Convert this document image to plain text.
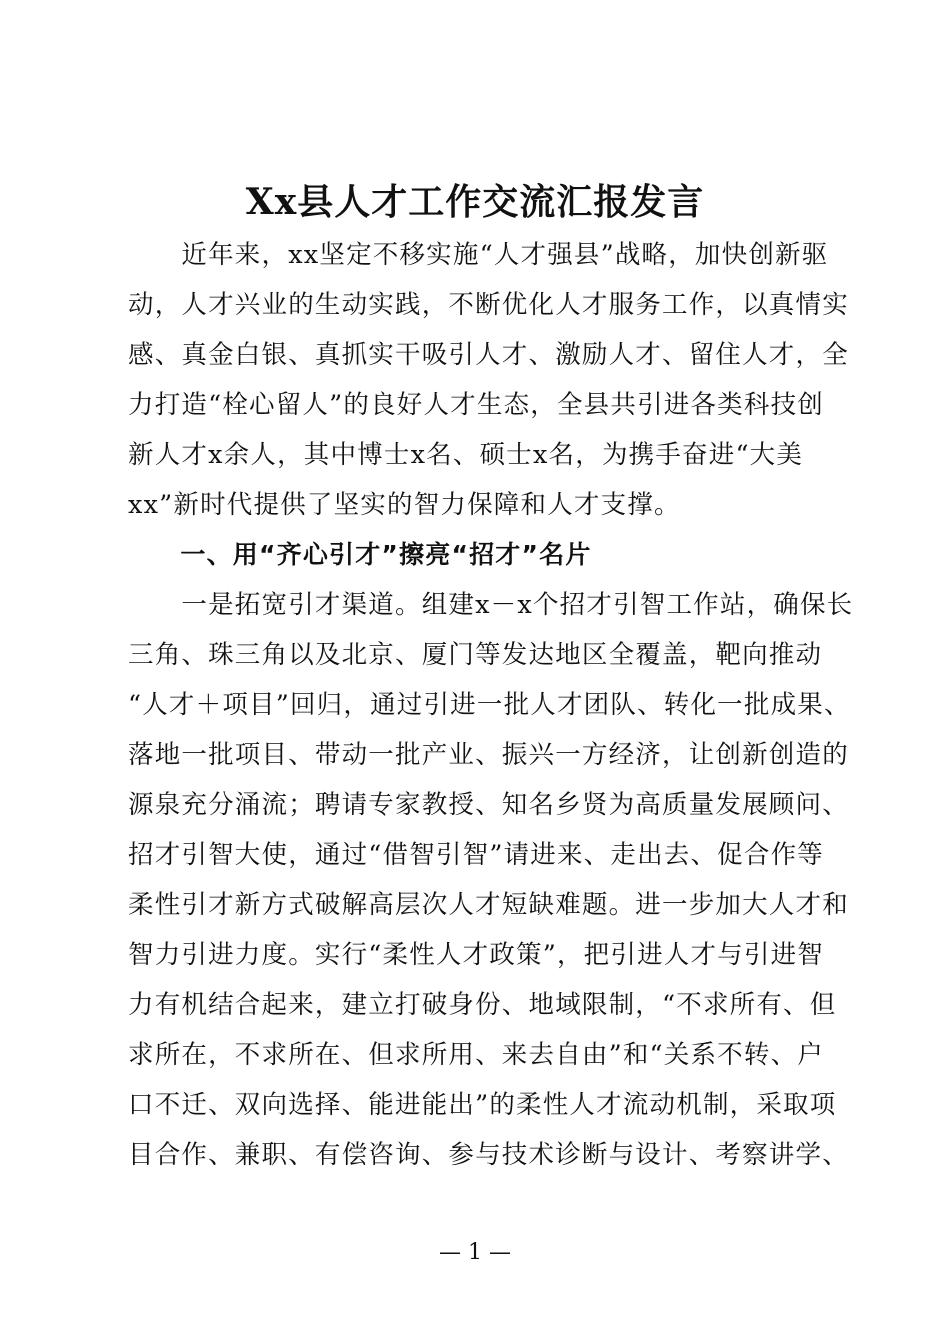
Xx县人才工作交流汇报发言

　　近年来，xx坚定不移实施“人才强县”战略，加快创新驱

动，人才兴业的生动实践，不断优化人才服务工作，以真情实

感、真金白银、真抓实干吸引人才、激励人才、留住人才，全

力打造“栓心留人”的良好人才生态，全县共引进各类科技创

新人才x余人，其中博士x名、硕士x名，为携手奋进“大美

xx”新时代提供了坚实的智力保障和人才支撑。

　　一、用“齐心引才”擦亮“招才”名片

　　一是拓宽引才渠道。组建x－x个招才引智工作站，确保长

三角、珠三角以及北京、厦门等发达地区全覆盖，靶向推动

“人才＋项目”回归，通过引进一批人才团队、转化一批成果、

落地一批项目、带动一批产业、振兴一方经济，让创新创造的

源泉充分涌流；聘请专家教授、知名乡贤为高质量发展顾问、

招才引智大使，通过“借智引智”请进来、走出去、促合作等

柔性引才新方式破解高层次人才短缺难题。进一步加大人才和

智力引进力度。实行“柔性人才政策”，把引进人才与引进智

力有机结合起来，建立打破身份、地域限制，“不求所有、但

求所在，不求所在、但求所用、来去自由”和“关系不转、户

口不迁、双向选择、能进能出”的柔性人才流动机制，采取项

目合作、兼职、有偿咨询、参与技术诊断与设计、考察讲学、

— 1 —
